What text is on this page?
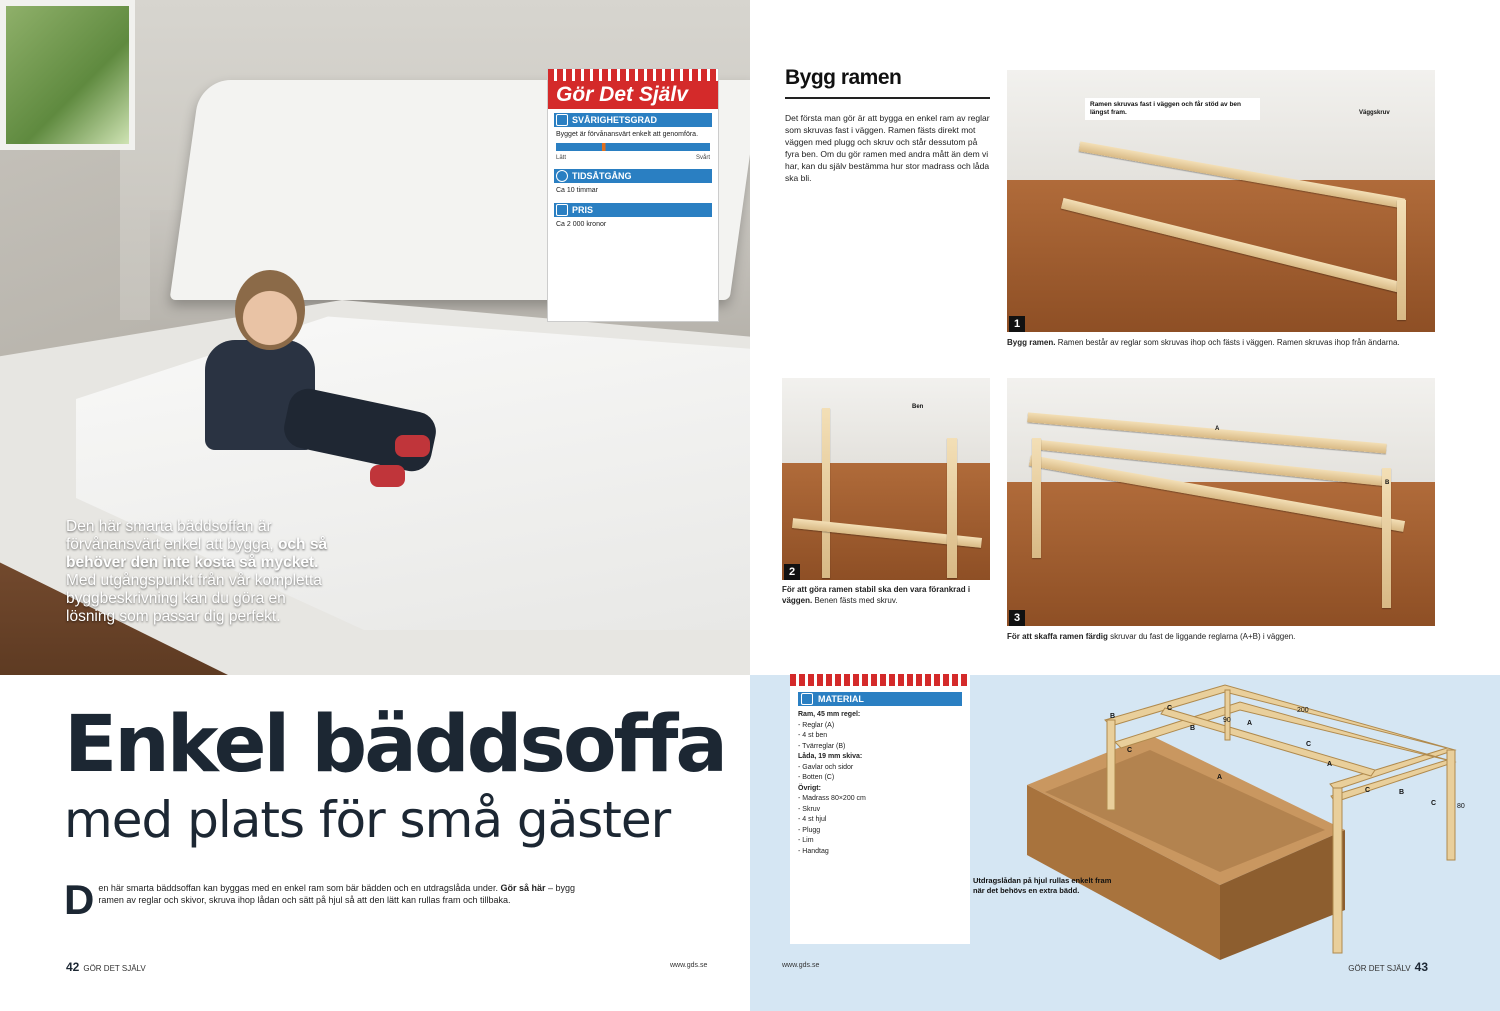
Den här smarta bäddsoffan är förvånansvärt enkel att bygga, och så behöver den inte kosta så mycket. Med utgångspunkt från vår kompletta byggbeskrivning kan du göra en lösning som passar dig perfekt.
Gör Det Själv
SVÅRIGHETSGRAD
Bygget är förvånansvärt enkelt att genomföra.
Lätt	Svårt
TIDSÅTGÅNG
Ca 10 timmar
PRIS
Ca 2 000 kronor
Enkel bäddsoffa
med plats för små gäster
Den här smarta bäddsoffan kan byggas med en enkel ram som bär bädden och en utdragslåda under. Gör så här – bygg ramen av reglar och skivor, skruva ihop lådan och sätt på hjul så att den lätt kan rullas fram och tillbaka.
42 GÖR DET SJÄLV	www.gds.se
Bygg ramen
Det första man gör är att bygga en enkel ram av reglar som skruvas fast i väggen. Ramen fästs direkt mot väggen med plugg och skruv och står dessutom på fyra ben. Om du gör ramen med andra mått än dem vi har, kan du själv bestämma hur stor madrass och låda ska bli.
Ramen skruvas fast i väggen och får stöd av ben längst fram.	Väggskruv
1
Bygg ramen. Ramen består av reglar som skruvas ihop och fästs i väggen. Ramen skruvas ihop från ändarna.
Ben
2
För att göra ramen stabil ska den vara förankrad i väggen. Benen fästs med skruv.
A
B
3
För att skaffa ramen färdig skruvar du fast de liggande reglarna (A+B) i väggen.
MATERIAL
Ram, 45 mm regel:
- Reglar (A)
- 4 st ben
- Tvärreglar (B)
Låda, 19 mm skiva:
- Gavlar och sidor
- Botten (C)
Övrigt:
- Madrass 80×200 cm
- Skruv
- 4 st hjul
- Plugg
- Lim
- Handtag
B
C
A
C
B
A
C
A
C	B
C
200
90
80
Utdragslådan på hjul rullas enkelt fram när det behövs en extra bädd.
www.gds.se	GÖR DET SJÄLV 43
